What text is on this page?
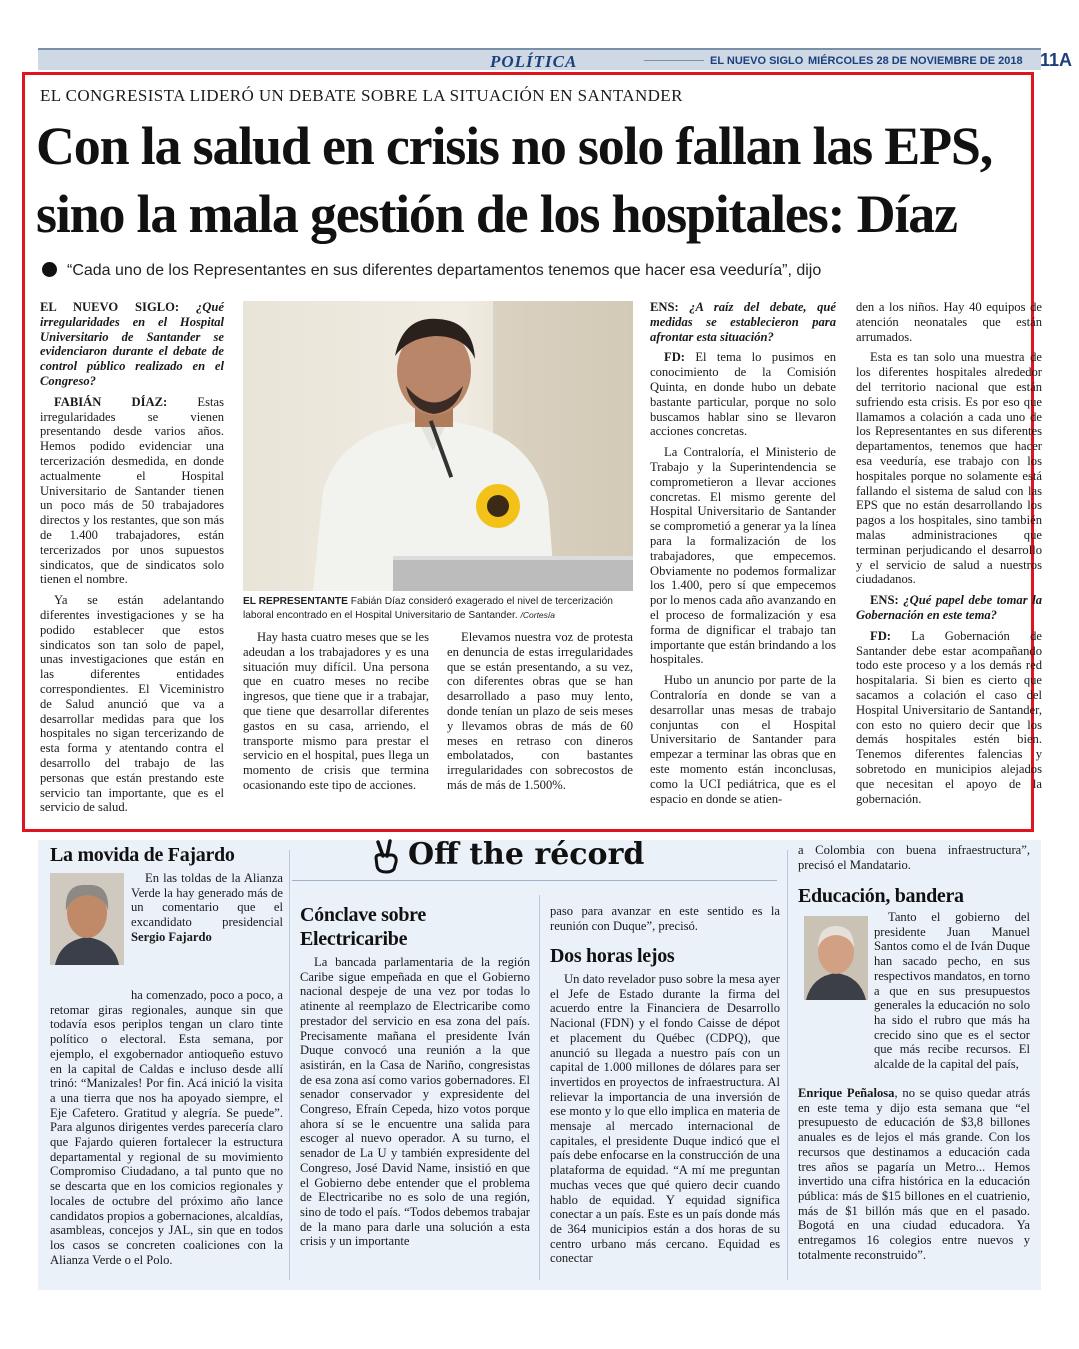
POLÍTICA	EL NUEVO SIGLO MIÉRCOLES 28 DE NOVIEMBRE DE 2018 11A
EL CONGRESISTA LIDERÓ UN DEBATE SOBRE LA SITUACIÓN EN SANTANDER
Con la salud en crisis no solo fallan las EPS,
sino la mala gestión de los hospitales: Díaz
“Cada uno de los Representantes en sus diferentes departamentos tenemos que hacer esa veeduría”, dijo

EL NUEVO SIGLO: ¿Qué irregularidades en el Hospital Universitario de Santander se evidenciaron durante el debate de control público realizado en el Congreso?

FABIÁN DÍAZ: Estas irregularidades se vienen presentando desde varios años. Hemos podido evidenciar una tercerización desmedida, en donde actualmente el Hospital Universitario de Santander tienen un poco más de 50 trabajadores directos y los restantes, que son más de 1.400 trabajadores, están tercerizados por unos supuestos sindicatos, que de sindicatos solo tienen el nombre.

Ya se están adelantando diferentes investigaciones y se ha podido establecer que estos sindicatos son tan solo de papel, unas investigaciones que están en las diferentes entidades correspondientes. El Viceministro de Salud anunció que va a desarrollar medidas para que los hospitales no sigan tercerizando de esta forma y atentando contra el desarrollo del trabajo de las personas que están prestando este servicio tan importante, que es el servicio de salud.

EL REPRESENTANTE Fabián Díaz consideró exagerado el nivel de tercerización laboral encontrado en el Hospital Universitario de Santander. /Cortesía

Hay hasta cuatro meses que se les adeudan a los trabajadores y es una situación muy difícil. Una persona que en cuatro meses no recibe ingresos, que tiene que ir a trabajar, que tiene que desarrollar diferentes gastos en su casa, arriendo, el transporte mismo para prestar el servicio en el hospital, pues llega un momento de crisis que termina ocasionando este tipo de acciones.

Elevamos nuestra voz de protesta en denuncia de estas irregularidades que se están presentando, a su vez, con diferentes obras que se han desarrollado a paso muy lento, donde tenían un plazo de seis meses y llevamos obras de más de 60 meses en retraso con dineros embolatados, con bastantes irregularidades con sobrecostos de más de más de 1.500%.

ENS: ¿A raíz del debate, qué medidas se establecieron para afrontar esta situación?

FD: El tema lo pusimos en conocimiento de la Comisión Quinta, en donde hubo un debate bastante particular, porque no solo buscamos hablar sino se llevaron acciones concretas.

La Contraloría, el Ministerio de Trabajo y la Superintendencia se comprometieron a llevar acciones concretas. El mismo gerente del Hospital Universitario de Santander se comprometió a generar ya la línea para la formalización de los trabajadores, que empecemos. Obviamente no podemos formalizar los 1.400, pero sí que empecemos por lo menos cada año avanzando en el proceso de formalización y esa forma de dignificar el trabajo tan importante que están brindando a los hospitales.

Hubo un anuncio por parte de la Contraloría en donde se van a desarrollar unas mesas de trabajo conjuntas con el Hospital Universitario de Santander para empezar a terminar las obras que en este momento están inconclusas, como la UCI pediátrica, que es el espacio en donde se atien-

den a los niños. Hay 40 equipos de atención neonatales que están arrumados.

Esta es tan solo una muestra de los diferentes hospitales alrededor del territorio nacional que están sufriendo esta crisis. Es por eso que llamamos a colación a cada uno de los Representantes en sus diferentes departamentos, tenemos que hacer esa veeduría, ese trabajo con los hospitales porque no solamente está fallando el sistema de salud con las EPS que no están desarrollando los pagos a los hospitales, sino también malas administraciones que terminan perjudicando el desarrollo y el servicio de salud a nuestros ciudadanos.

ENS: ¿Qué papel debe tomar la Gobernación en este tema?

FD: La Gobernación de Santander debe estar acompañando todo este proceso y a los demás red hospitalaria. Si bien es cierto que sacamos a colación el caso del Hospital Universitario de Santander, con esto no quiero decir que los demás hospitales estén bien. Tenemos diferentes falencias y sobretodo en municipios alejados que necesitan el apoyo de la gobernación.

Off the récord
La movida de Fajardo

En las toldas de la Alianza Verde la hay generado más de un comentario que el excandidato presidencial Sergio Fajardo

ha comenzado, poco a poco, a retomar giras regionales, aunque sin que todavía esos periplos tengan un claro tinte político o electoral. Esta semana, por ejemplo, el exgobernador antioqueño estuvo en la capital de Caldas e incluso desde allí trinó: “Manizales! Por fin. Acá inició la visita a una tierra que nos ha apoyado siempre, el Eje Cafetero. Gratitud y alegría. Se puede”. Para algunos dirigentes verdes parecería claro que Fajardo quieren fortalecer la estructura departamental y regional de su movimiento Compromiso Ciudadano, a tal punto que no se descarta que en los comicios regionales y locales de octubre del próximo año lance candidatos propios a gobernaciones, alcaldías, asambleas, concejos y JAL, sin que en todos los casos se concreten coaliciones con la Alianza Verde o el Polo.

Cónclave sobre Electricaribe

La bancada parlamentaria de la región Caribe sigue empeñada en que el Gobierno nacional despeje de una vez por todas lo atinente al reemplazo de Electricaribe como prestador del servicio en esa zona del país. Precisamente mañana el presidente Iván Duque convocó una reunión a la que asistirán, en la Casa de Nariño, congresistas de esa zona así como varios gobernadores. El senador conservador y expresidente del Congreso, Efraín Cepeda, hizo votos porque ahora sí se le encuentre una salida para escoger al nuevo operador. A su turno, el senador de La U y también expresidente del Congreso, José David Name, insistió en que el Gobierno debe entender que el problema de Electricaribe no es solo de una región, sino de todo el país. “Todos debemos trabajar de la mano para darle una solución a esta crisis y un importante

paso para avanzar en este sentido es la reunión con Duque”, precisó.

Dos horas lejos

Un dato revelador puso sobre la mesa ayer el Jefe de Estado durante la firma del acuerdo entre la Financiera de Desarrollo Nacional (FDN) y el fondo Caisse de dépot et placement du Québec (CDPQ), que anunció su llegada a nuestro país con un capital de 1.000 millones de dólares para ser invertidos en proyectos de infraestructura. Al relievar la importancia de una inversión de ese monto y lo que ello implica en materia de mensaje al mercado internacional de capitales, el presidente Duque indicó que el país debe enfocarse en la construcción de una plataforma de equidad. “A mí me preguntan muchas veces que qué quiero decir cuando hablo de equidad. Y equidad significa conectar a un país. Este es un país donde más de 364 municipios están a dos horas de su centro urbano más cercano. Equidad es conectar

a Colombia con buena infraestructura”, precisó el Mandatario.

Educación, bandera

Tanto el gobierno del presidente Juan Manuel Santos como el de Iván Duque han sacado pecho, en sus respectivos mandatos, en torno a que en sus presupuestos generales la educación no solo ha sido el rubro que más ha crecido sino que es el sector que más recibe recursos. El alcalde de la capital del país,

Enrique Peñalosa, no se quiso quedar atrás en este tema y dijo esta semana que “el presupuesto de educación de $3,8 billones anuales es de lejos el más grande. Con los recursos que destinamos a educación cada tres años se pagaría un Metro... Hemos invertido una cifra histórica en la educación pública: más de $15 billones en el cuatrienio, más de $1 billón más que en el pasado. Bogotá en una ciudad educadora. Ya entregamos 16 colegios entre nuevos y totalmente reconstruido”.
